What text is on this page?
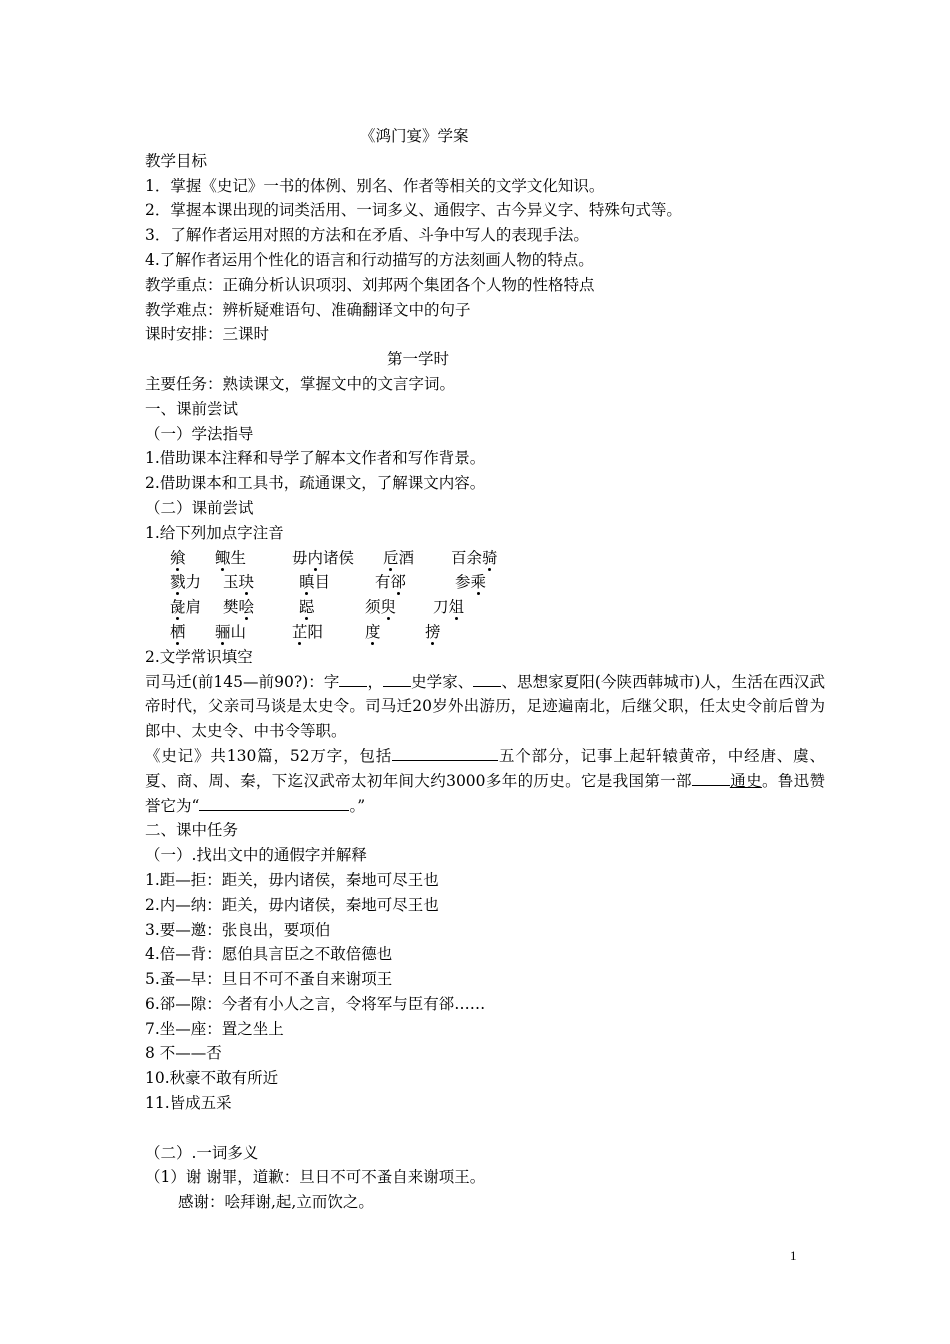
《鸿门宴》学案
教学目标
1．掌握《史记》一书的体例、别名、作者等相关的文学文化知识。
2．掌握本课出现的词类活用、一词多义、通假字、古今异义字、特殊句式等。
3．了解作者运用对照的方法和在矛盾、斗争中写人的表现手法。
4.了解作者运用个性化的语言和行动描写的方法刻画人物的特点。
教学重点：正确分析认识项羽、刘邦两个集团各个人物的性格特点
教学难点：辨析疑难语句、准确翻译文中的句子
课时安排：三课时
第一学时
主要任务：熟读课文，掌握文中的文言字词。
一、课前尝试
（一）学法指导
1.借助课本注释和导学了解本文作者和写作背景。
2.借助课本和工具书，疏通课文，了解课文内容。
（二）课前尝试
1.给下列加点字注音
飨 鲰生	毋内诸侯 卮酒 百余骑
戮力 玉玦	瞋目	有郤	参乘
彘肩 樊哙	跽	须臾 刀俎
栖 骊山	芷阳	度	搒
2.文学常识填空
司马迁(前145—前90?)：字 ， 史学家、 、思想家夏阳(今陕西韩城市)人，生活在西汉武帝时代，父亲司马谈是太史令。司马迁20岁外出游历，足迹遍南北，后继父职，任太史令前后曾为郎中、太史令、中书令等职。
《史记》共130篇，52万字，包括	五个部分，记事上起轩辕黄帝，中经唐、虞、夏、商、周、秦，下迄汉武帝太初年间大约3000多年的历史。它是我国第一部 通史。鲁迅赞誉它为“	。”
二、课中任务
（一）.找出文中的通假字并解释
1.距—拒：距关，毋内诸侯，秦地可尽王也
2.内—纳：距关，毋内诸侯，秦地可尽王也
3.要—邀：张良出，要项伯
4.倍—背：愿伯具言臣之不敢倍德也
5.蚤—早：旦日不可不蚤自来谢项王
6.郤—隙：今者有小人之言，令将军与臣有郤……
7.坐—座：置之坐上
8 不——否
10.秋豪不敢有所近
11.皆成五采
（二）.一词多义
（1）谢 谢罪，道歉：旦日不可不蚤自来谢项王。
感谢：哙拜谢,起,立而饮之。
1
